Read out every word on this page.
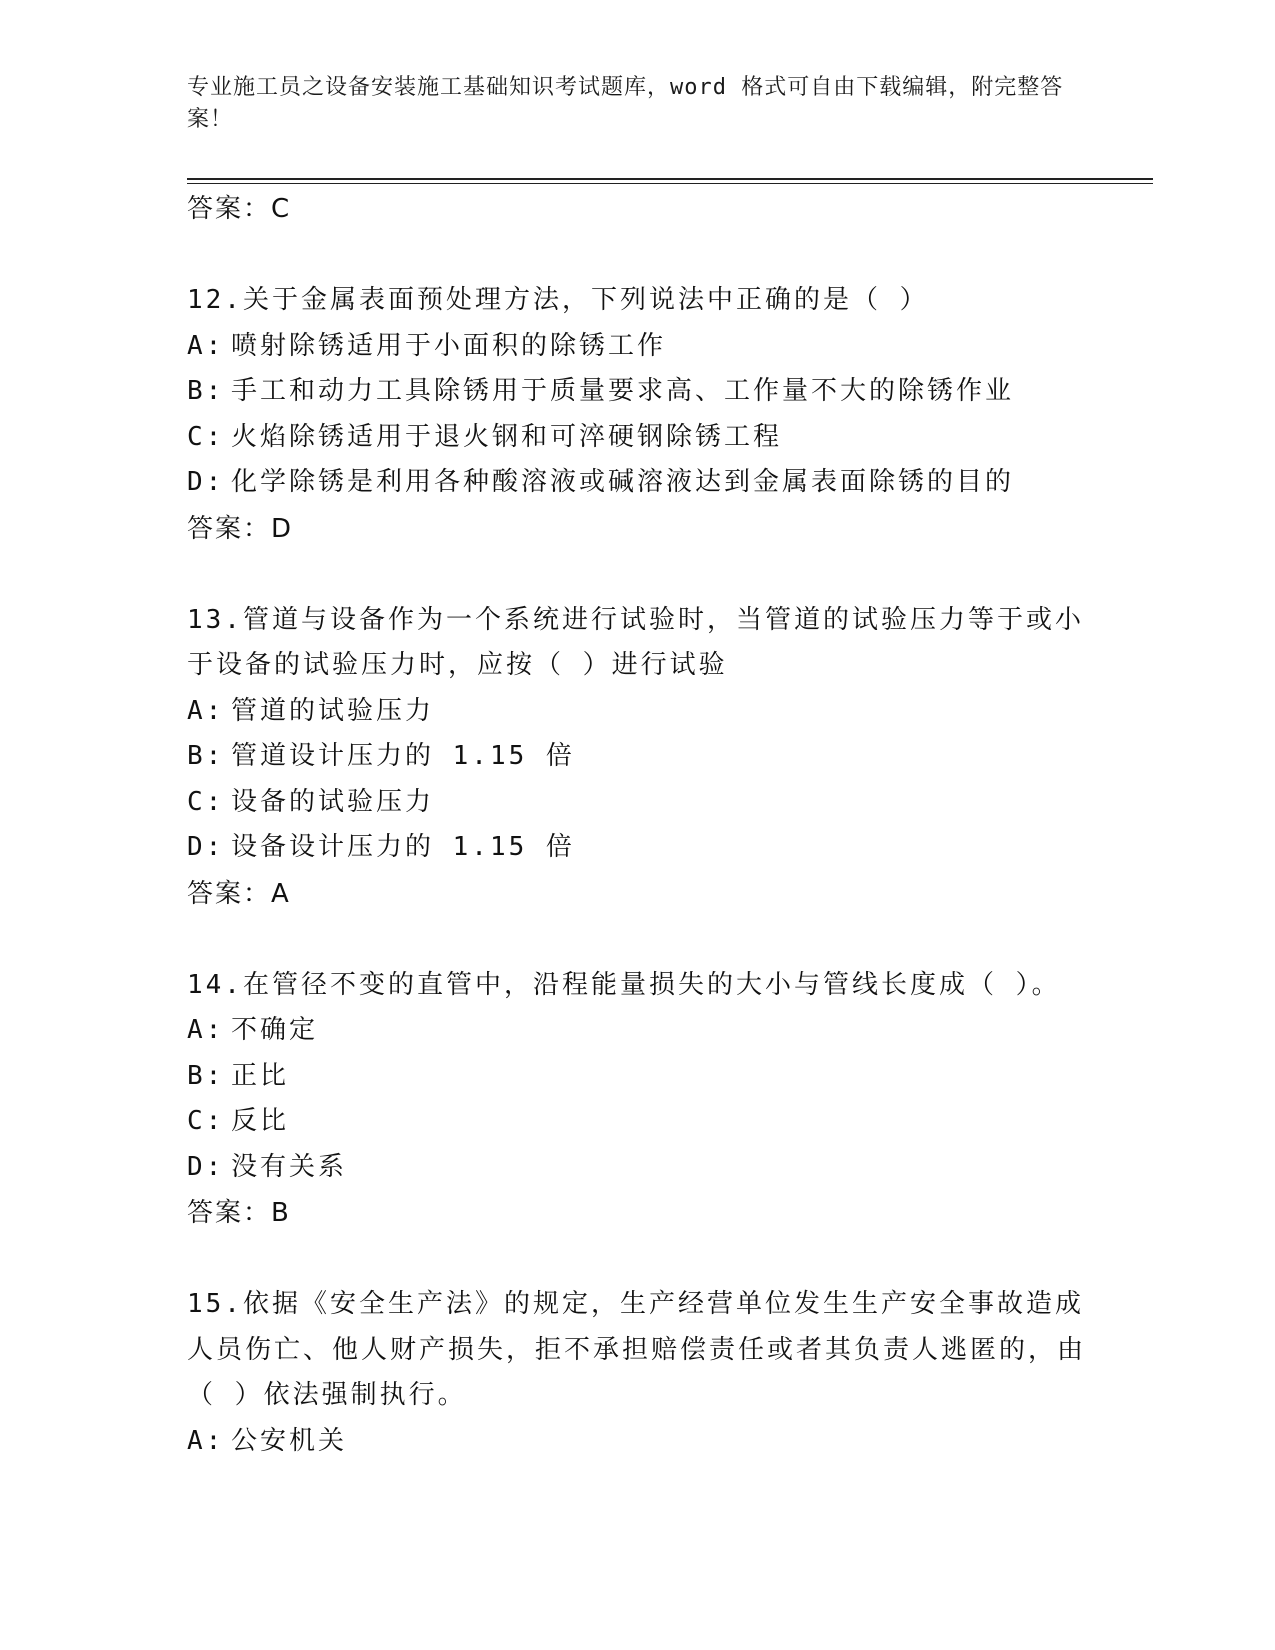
专业施工员之设备安装施工基础知识考试题库，word 格式可自由下载编辑，附完整答案！
答案：C
12.关于金属表面预处理方法，下列说法中正确的是（ ）
A: 喷射除锈适用于小面积的除锈工作
B: 手工和动力工具除锈用于质量要求高、工作量不大的除锈作业
C: 火焰除锈适用于退火钢和可淬硬钢除锈工程
D: 化学除锈是利用各种酸溶液或碱溶液达到金属表面除锈的目的
答案：D
13.管道与设备作为一个系统进行试验时，当管道的试验压力等于或小于设备的试验压力时，应按（ ）进行试验
A: 管道的试验压力
B: 管道设计压力的 1.15 倍
C: 设备的试验压力
D: 设备设计压力的 1.15 倍
答案：A
14.在管径不变的直管中，沿程能量损失的大小与管线长度成（ ）。
A: 不确定
B: 正比
C: 反比
D: 没有关系
答案：B
15.依据《安全生产法》的规定，生产经营单位发生生产安全事故造成人员伤亡、他人财产损失，拒不承担赔偿责任或者其负责人逃匿的，由（ ）依法强制执行。
A: 公安机关
